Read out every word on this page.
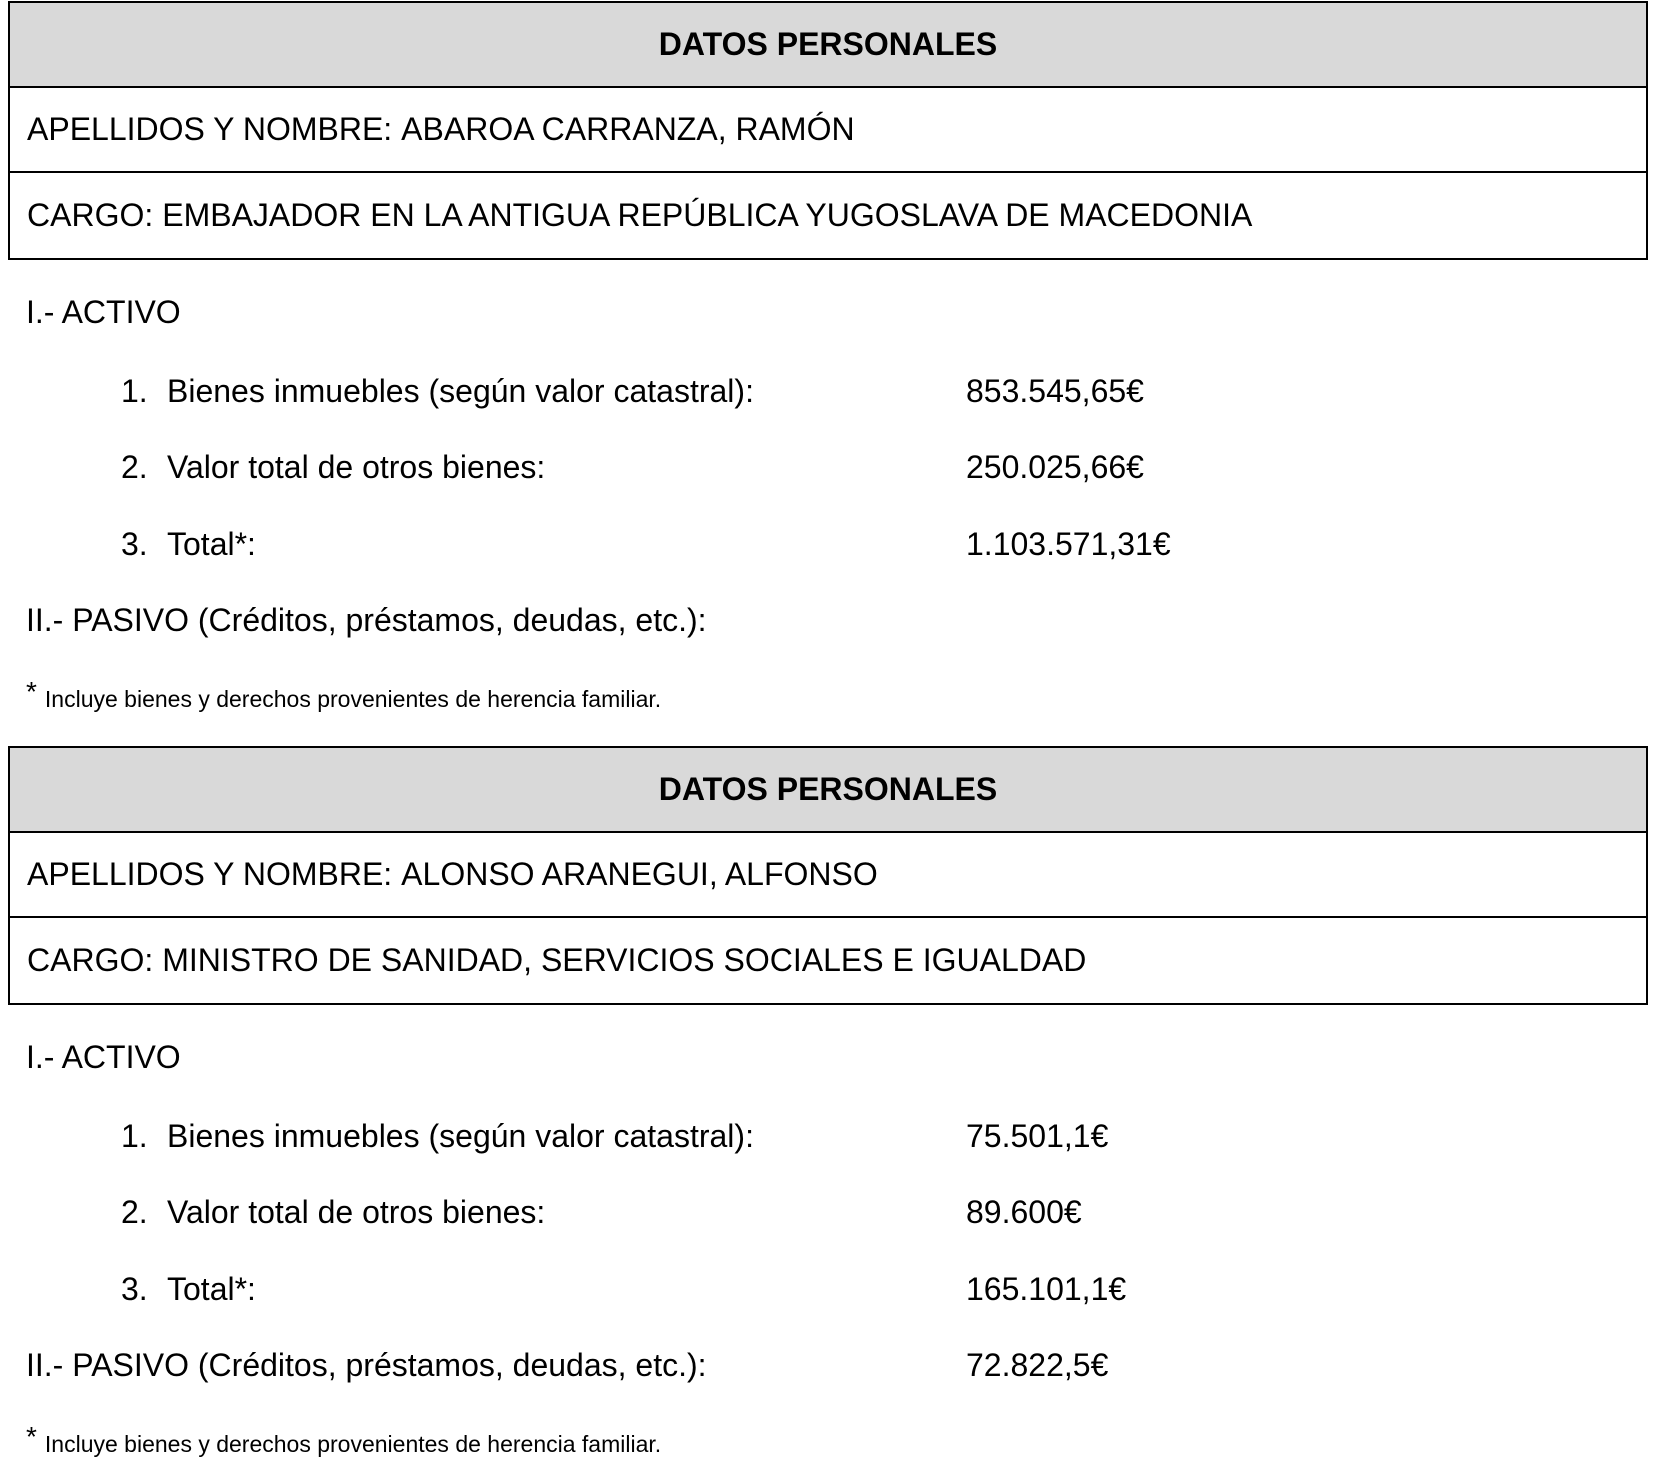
DATOS PERSONALES
APELLIDOS Y NOMBRE: ABAROA CARRANZA, RAMÓN
CARGO: EMBAJADOR EN LA ANTIGUA REPÚBLICA YUGOSLAVA DE MACEDONIA
I.- ACTIVO
1. Bienes inmuebles (según valor catastral):	853.545,65€
2. Valor total de otros bienes:	250.025,66€
3. Total*:	1.103.571,31€
II.- PASIVO (Créditos, préstamos, deudas, etc.):
* Incluye bienes y derechos provenientes de herencia familiar.
DATOS PERSONALES
APELLIDOS Y NOMBRE: ALONSO ARANEGUI, ALFONSO
CARGO: MINISTRO DE SANIDAD, SERVICIOS SOCIALES E IGUALDAD
I.- ACTIVO
1. Bienes inmuebles (según valor catastral):	75.501,1€
2. Valor total de otros bienes:	89.600€
3. Total*:	165.101,1€
II.- PASIVO (Créditos, préstamos, deudas, etc.):	72.822,5€
* Incluye bienes y derechos provenientes de herencia familiar.
